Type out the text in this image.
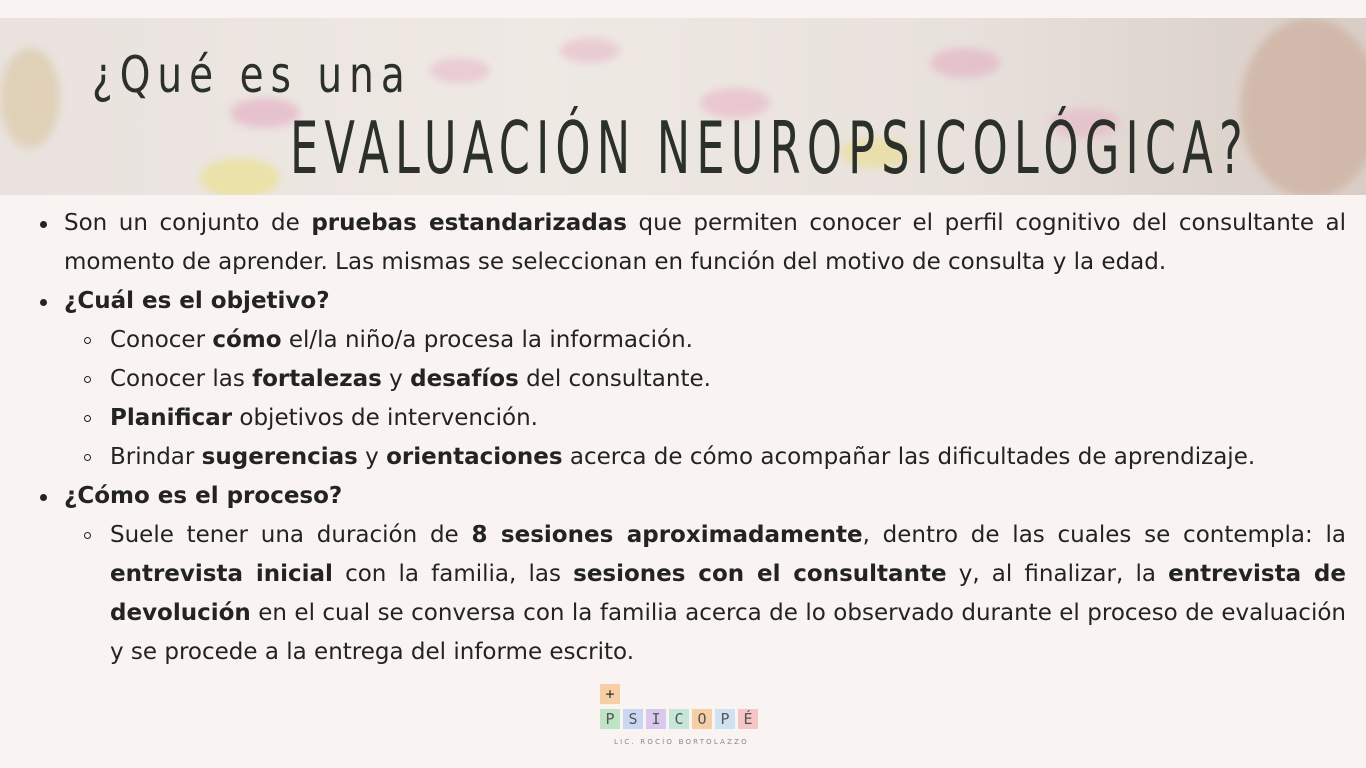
¿Qué es una
EVALUACIÓN NEUROPSICOLÓGICA?
Son un conjunto de pruebas estandarizadas que permiten conocer el perfil cognitivo del consultante al momento de aprender. Las mismas se seleccionan en función del motivo de consulta y la edad.
¿Cuál es el objetivo?
Conocer cómo el/la niño/a procesa la información.
Conocer las fortalezas y desafíos del consultante.
Planificar objetivos de intervención.
Brindar sugerencias y orientaciones acerca de cómo acompañar las dificultades de aprendizaje.
¿Cómo es el proceso?
Suele tener una duración de 8 sesiones aproximadamente, dentro de las cuales se contempla: la entrevista inicial con la familia, las sesiones con el consultante y, al finalizar, la entrevista de devolución en el cual se conversa con la familia acerca de lo observado durante el proceso de evaluación y se procede a la entrega del informe escrito.
+
P S I C O P É
LIC. ROCÍO BORTOLAZZO
